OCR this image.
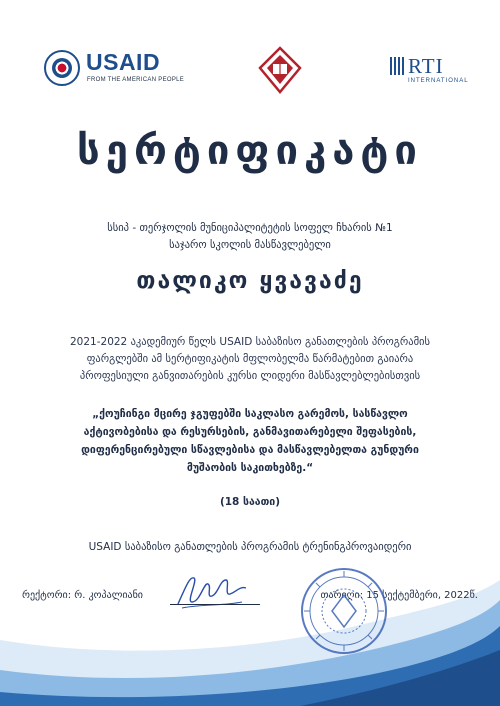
USAID
FROM THE AMERICAN PEOPLE
RTI
INTERNATIONAL
სერტიფიკატი
სსიპ - თერჯოლის მუნიციპალიტეტის სოფელ ჩხარის №1
საჯარო სკოლის მასწავლებელი
თალიკო ყვავაძე
2021-2022 აკადემიურ წელს USAID საბაზისო განათლების პროგრამის
ფარგლებში ამ სერტიფიკატის მფლობელმა წარმატებით გაიარა
პროფესიული განვითარების კურსი ლიდერი მასწავლებლებისთვის
„ქოუჩინგი მცირე ჯგუფებში საკლასო გარემოს, სასწავლო
აქტივობებისა და რესურსების, განმავითარებელი შეფასების,
დიფერენცირებული სწავლებისა და მასწავლებელთა გუნდური
მუშაობის საკითხებზე.“
(18 საათი)
USAID საბაზისო განათლების პროგრამის ტრენინგპროვაიდერი
რექტორი: რ. კოპალიანი	თარიღი: 15 სექტემბერი, 2022წ.
